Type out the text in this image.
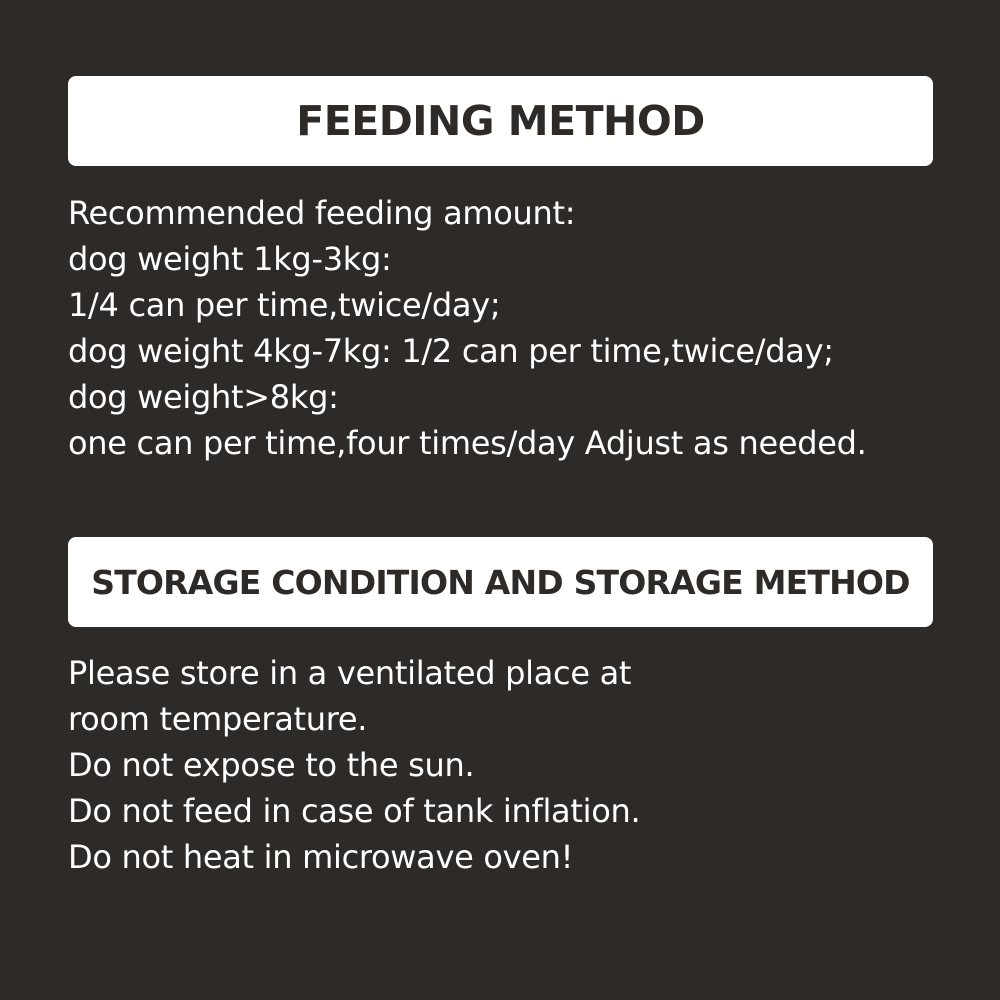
FEEDING METHOD
Recommended feeding amount:
dog weight 1kg-3kg:
1/4 can per time,twice/day;
dog weight 4kg-7kg: 1/2 can per time,twice/day;
dog weight>8kg:
one can per time,four times/day Adjust as needed.
STORAGE CONDITION AND STORAGE METHOD
Please store in a ventilated place at
room temperature.
Do not expose to the sun.
Do not feed in case of tank inflation.
Do not heat in microwave oven!
